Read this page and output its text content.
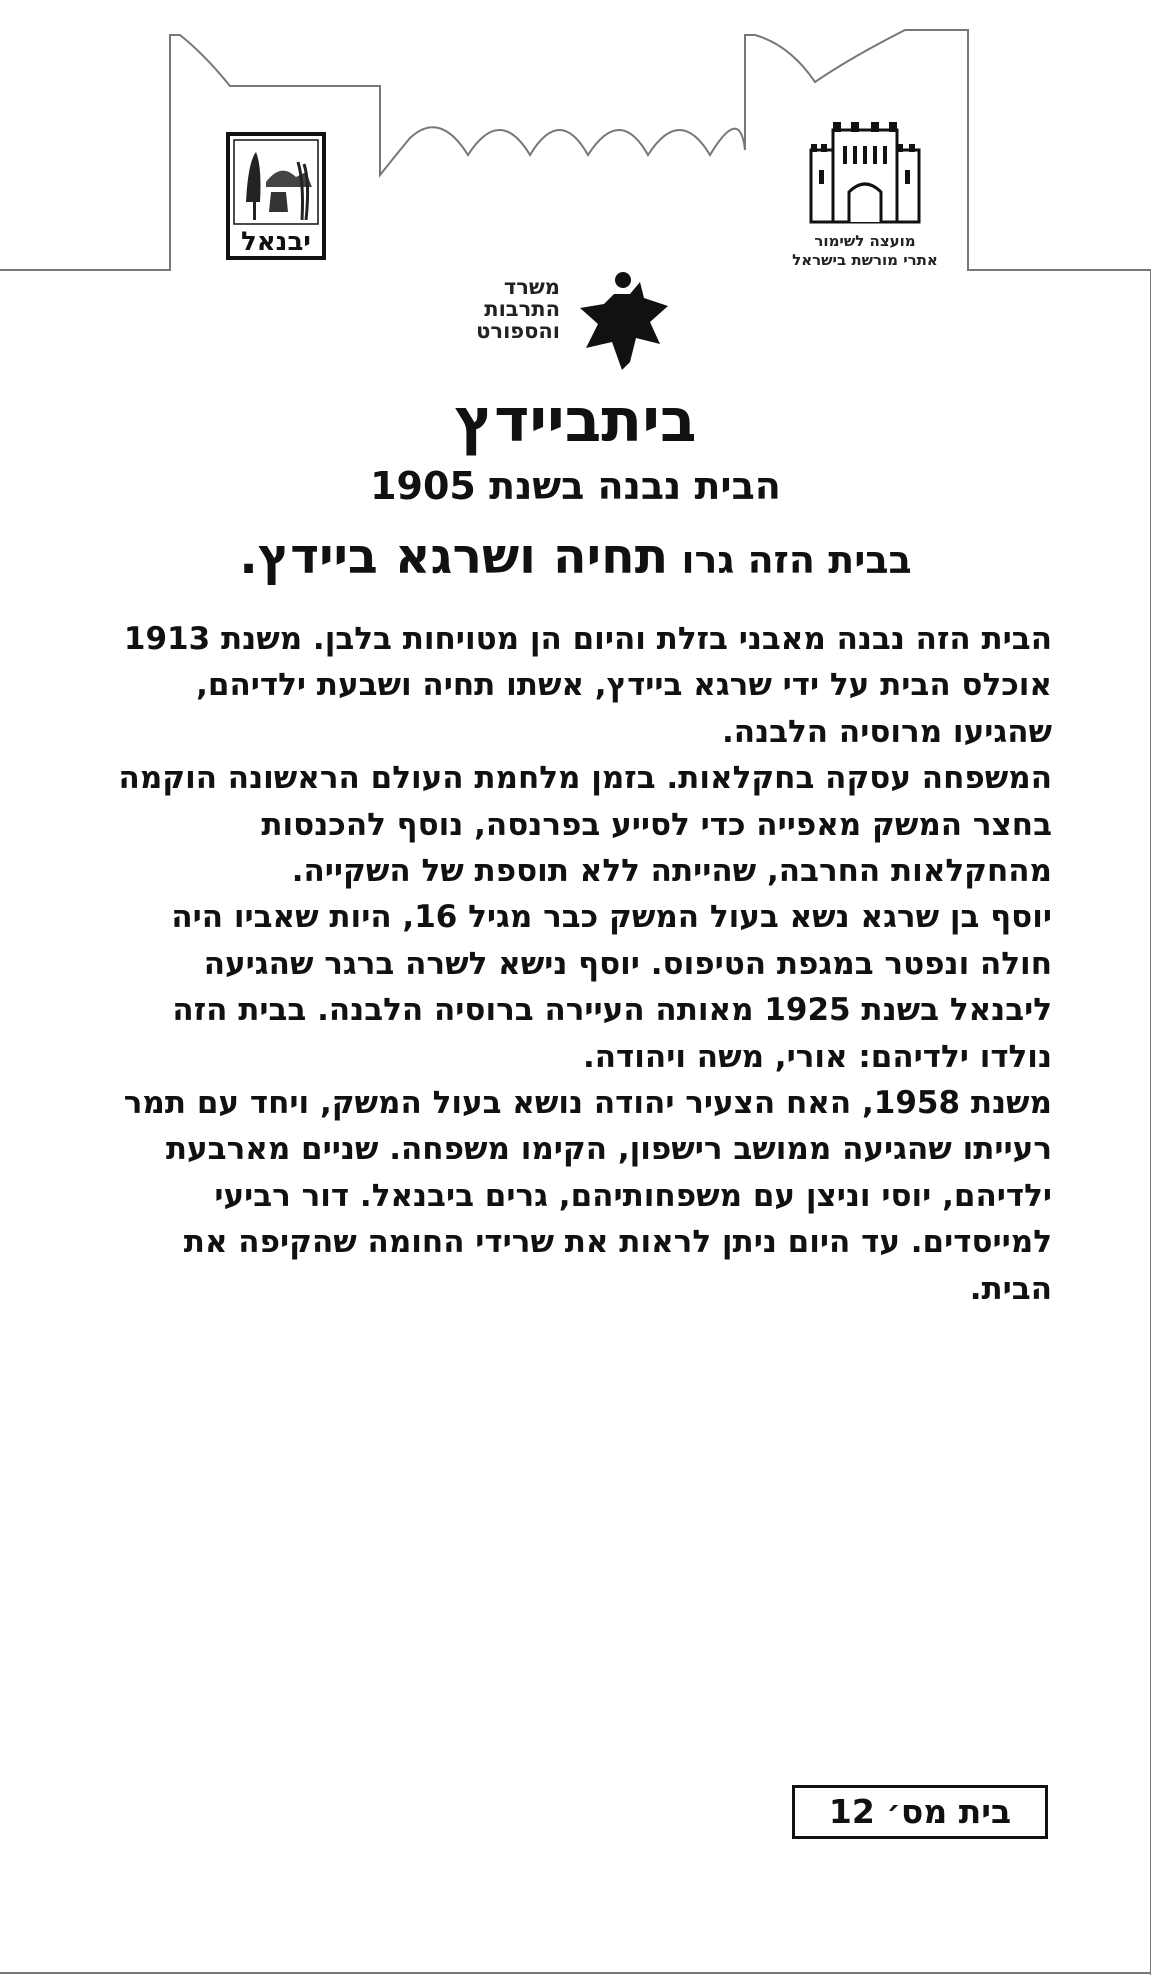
יבנאל	מועצה לשימור
אתרי מורשת בישראל
משרד
התרבות
והספורט
ביתביידץ
הבית נבנה בשנת 1905
בבית הזה גרו תחיה ושרגא ביידץ.

הבית הזה נבנה מאבני בזלת והיום הן מטויחות בלבן. משנת 1913 אוכלס הבית על ידי שרגא ביידץ, אשתו תחיה ושבעת ילדיהם, שהגיעו מרוסיה הלבנה.

המשפחה עסקה בחקלאות. בזמן מלחמת העולם הראשונה הוקמה בחצר המשק מאפייה כדי לסייע בפרנסה, נוסף להכנסות מהחקלאות החרבה, שהייתה ללא תוספת של השקייה.

יוסף בן שרגא נשא בעול המשק כבר מגיל 16, היות שאביו היה חולה ונפטר במגפת הטיפוס. יוסף נישא לשרה ברגר שהגיעה ליבנאל בשנת 1925 מאותה העיירה ברוסיה הלבנה. בבית הזה נולדו ילדיהם: אורי, משה ויהודה.

משנת 1958, האח הצעיר יהודה נושא בעול המשק, ויחד עם תמר רעייתו שהגיעה ממושב רישפון, הקימו משפחה. שניים מארבעת ילדיהם, יוסי וניצן עם משפחותיהם, גרים ביבנאל. דור רביעי למייסדים. עד היום ניתן לראות את שרידי החומה שהקיפה את הבית.

בית מס׳ 12
